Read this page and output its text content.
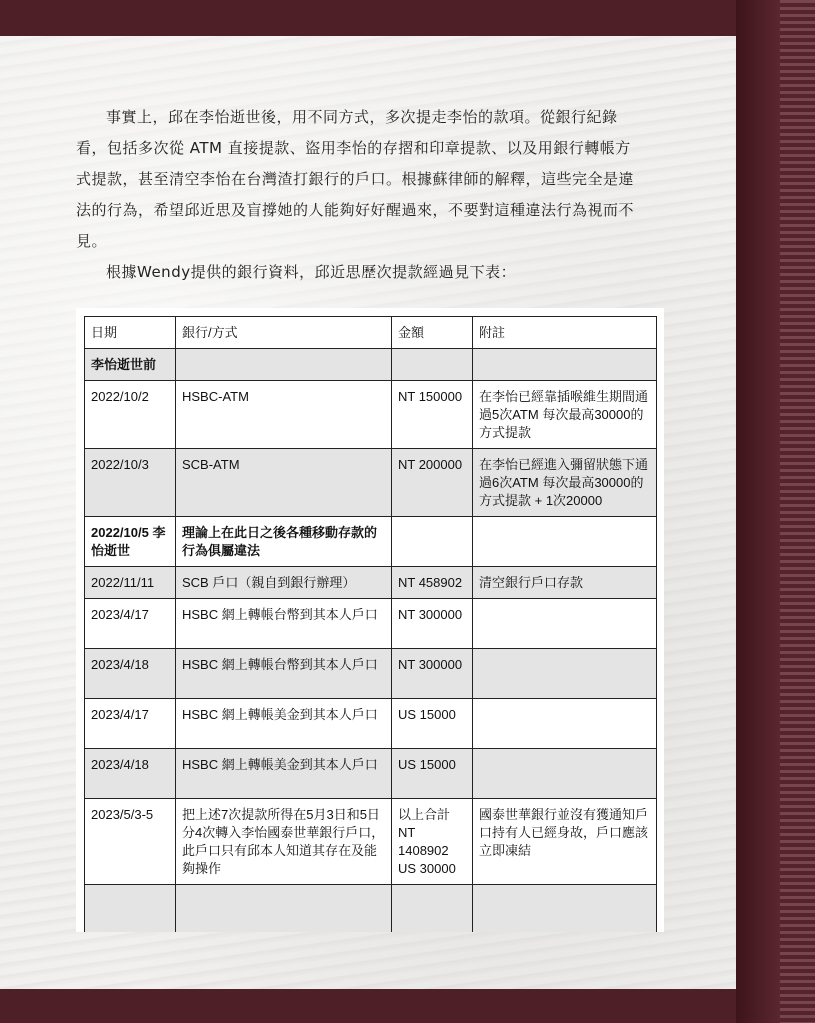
事實上，邱在李怡逝世後，用不同方式，多次提走李怡的款項。從銀行紀錄看，包括多次從 ATM 直接提款、盜用李怡的存摺和印章提款、以及用銀行轉帳方式提款，甚至清空李怡在台灣渣打銀行的戶口。根據蘇律師的解釋，這些完全是違法的行為，希望邱近思及盲撐她的人能夠好好醒過來，不要對這種違法行為視而不見。

根據Wendy提供的銀行資料，邱近思歷次提款經過見下表：

日期	銀行/方式	金額	附註
李怡逝世前			
2022/10/2	HSBC-ATM	NT 150000	在李怡已經靠插喉維生期間通過5次ATM 每次最高30000的方式提款
2022/10/3	SCB-ATM	NT 200000	在李怡已經進入彌留狀態下通過6次ATM 每次最高30000的方式提款 + 1次20000
2022/10/5 李怡逝世	理論上在此日之後各種移動存款的行為俱屬違法		
2022/11/11	SCB 戶口（親自到銀行辦理）	NT 458902	清空銀行戶口存款
2023/4/17	HSBC 網上轉帳台幣到其本人戶口	NT 300000	
2023/4/18	HSBC 網上轉帳台幣到其本人戶口	NT 300000	
2023/4/17	HSBC 網上轉帳美金到其本人戶口	US 15000	
2023/4/18	HSBC 網上轉帳美金到其本人戶口	US 15000	
2023/5/3-5	把上述7次提款所得在5月3日和5日分4次轉入李怡國泰世華銀行戶口，此戶口只有邱本人知道其存在及能夠操作	以上合計 NT 1408902 US 30000	國泰世華銀行並沒有獲通知戶口持有人已經身故，戶口應該立即凍結
